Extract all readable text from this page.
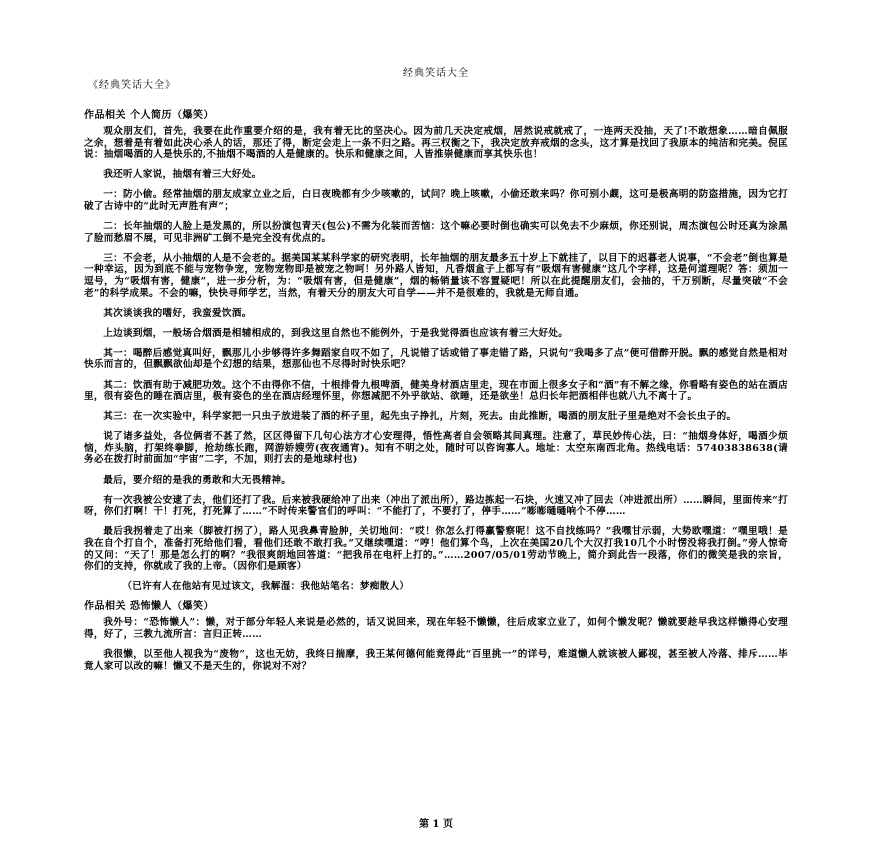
经典笑话大全
《经典笑话大全》
作品相关 个人简历（爆笑）

观众朋友们，首先，我要在此作重要介绍的是，我有着无比的坚决心。因为前几天决定戒烟，居然说戒就戒了，一连两天没抽，天了!不敢想象……暗自佩服之余，想着是有着如此决心杀人的话，那还了得，断定会走上一条不归之路。再三权衡之下，我决定放弃戒烟的念头，这才算是找回了我原本的纯洁和完美。倪匡说：抽烟喝酒的人是快乐的,不抽烟不喝酒的人是健康的。快乐和健康之间，人皆推崇健康而享其快乐也！

我还听人家说，抽烟有着三大好处。

一：防小偷。经常抽烟的朋友成家立业之后，白日夜晚都有少少咳嗽的，试问？晚上咳嗽，小偷还敢来吗？你可别小觑，这可是极高明的防盗措施，因为它打破了古诗中的“此时无声胜有声”；

二：长年抽烟的人脸上是发黑的，所以扮演包青天(包公)不需为化装而苦恼：这个嘛必要时倒也确实可以免去不少麻烦，你还别说，周杰演包公时还真为涂黑了脸而愁眉不展，可见非洲矿工倒不是完全没有优点的。

三：不会老，从小抽烟的人是不会老的。据美国某某科学家的研究表明，长年抽烟的朋友最多五十岁上下就挂了，以目下的迟暮老人说事，“不会老”倒也算是一种幸运，因为到底不能与宠物争宠，宠物宠物即是被宠之物呵！另外路人皆知，凡香烟盒子上都写有“吸烟有害健康”这几个字样，这是何道理呢？答：须加一逗号，为“吸烟有害，健康”，进一步分析，为：“吸烟有害，但是健康”，烟的畅销量该不容置疑吧！所以在此提醒朋友们，会抽的，千万别断，尽量突破“不会老”的科学成果。不会的嘛，快快寻师学艺，当然，有着天分的朋友大可自学——并不是很难的，我就是无师自通。

其次谈谈我的嗜好，我蛮爱饮酒。

上边谈到烟，一般场合烟酒是相辅相成的，到我这里自然也不能例外，于是我觉得酒也应该有着三大好处。

其一：喝醉后感觉真叫好，飘那儿小步够得许多舞蹈家自叹不如了，凡说错了话或错了事走错了路，只说句“我喝多了点”便可借醉开脱。飘的感觉自然是相对快乐而言的，但飘飘欲仙却是个幻想的结果，想那仙也不尽得时时快乐吧？

其二：饮酒有助于减肥功效。这个不由得你不信，十根排骨九根啤酒，健美身材酒店里走，现在市面上很多女子和“酒”有不解之缘，你看略有姿色的站在酒店里，很有姿色的睡在酒店里，极有姿色的坐在酒店经理怀里，你想减肥不外乎欲站、欲睡，还是欲坐！总归长年把酒相伴也就八九不离十了。

其三：在一次实验中，科学家把一只虫子放进装了酒的杯子里，起先虫子挣扎，片刻，死去。由此推断，喝酒的朋友肚子里是绝对不会长虫子的。

说了诸多益处，各位俩者不甚了然，区区得留下几句心法方才心安理得，悟性高者自会领略其间真理。注意了，草民妙传心法，曰：“抽烟身体好，喝酒少烦恼，炸头脑，打架终拳脚，抢劫练长跑，网游娇嫂劳(夜夜通宵)。知有不明之处，随时可以咨询寡人。地址：太空东南西北角。热线电话：57403838638(请务必在拨打时前面加“宇宙”二字，不加，则打去的是地球村也)

最后，要介绍的是我的勇敢和大无畏精神。

有一次我被公安逮了去，他们还打了我。后来被我硬给冲了出来（冲出了派出所），路边拣起一石块，火速又冲了回去（冲进派出所）……瞬间，里面传来“打呀，你们打啊！干！打死，打死算了……”不时传来警官们的呼叫：“不能打了，不要打了，停手……”嘭嘭嗵嗵响个不停……

最后我拐着走了出来（脚被打拐了），路人见我鼻青脸肿，关切地问：“哎！你怎么打得赢警察呢！这不自找练吗？”我嘿甘示弱，大势欧嘿道：“嘿里哦！是我在自个打自个，准备打死给他们看，看他们还敢不敢打我。”又继续嘿道：“哼！他们算个鸟，上次在美国20几个大汉打我10几个小时愣没将我打倒。”旁人惊奇的又问：“天了！那是怎么打的啊？”我很爽朗地回答道：“把我吊在电杆上打的。”……2007/05/01劳动节晚上，简介到此告一段落，你们的微笑是我的宗旨，你们的支持，你就成了我的上帝。（因你们是顾客）

（已许有人在他站有见过该文，我解湿：我他站笔名：梦痴散人）

作品相关 恐怖懒人（爆笑）

我外号：“恐怖懒人”：懒，对于部分年轻人来说是必然的，话又说回来，现在年轻不懒懒，往后成家立业了，如何个懒发呢？懒就要趁早我这样懒得心安理得，好了，三教九流所言：言归正转……

我很懒，以至他人视我为“废物”，这也无妨，我终日揣摩，我王某何德何能竟得此“百里挑一”的详号，难道懒人就该被人鄙视，甚至被人冷落、排斥……毕竟人家可以改的嘛！懒又不是天生的，你说对不对？

第 1 页
